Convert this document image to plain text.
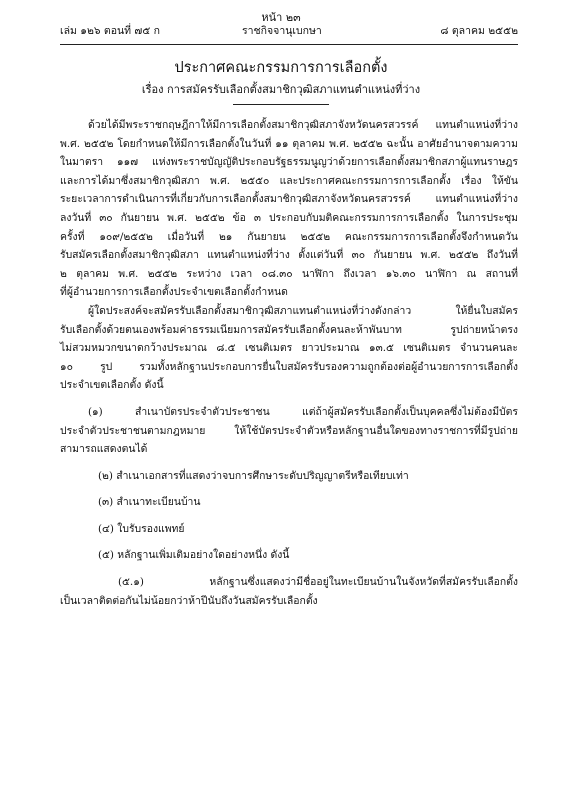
หน้า ๒๓
เล่ม ๑๒๖ ตอนที่ ๗๕ ก	ราชกิจจานุเบกษา	๘ ตุลาคม ๒๕๕๒
ประกาศคณะกรรมการการเลือกตั้ง
เรื่อง การสมัครรับเลือกตั้งสมาชิกวุฒิสภาแทนตำแหน่งที่ว่าง

ด้วยได้มีพระราชกฤษฎีกาให้มีการเลือกตั้งสมาชิกวุฒิสภาจังหวัดนครสวรรค์ แทนตำแหน่งที่ว่าง

พ.ศ. ๒๕๕๒ โดยกำหนดให้มีการเลือกตั้งในวันที่ ๑๑ ตุลาคม พ.ศ. ๒๕๕๒ ฉะนั้น อาศัยอำนาจตามความ

ในมาตรา ๑๑๗ แห่งพระราชบัญญัติประกอบรัฐธรรมนูญว่าด้วยการเลือกตั้งสมาชิกสภาผู้แทนราษฎร

และการได้มาซึ่งสมาชิกวุฒิสภา พ.ศ. ๒๕๕๐ และประกาศคณะกรรมการการเลือกตั้ง เรื่อง ให้ขัน

ระยะเวลาการดำเนินการที่เกี่ยวกับการเลือกตั้งสมาชิกวุฒิสภาจังหวัดนครสวรรค์ แทนตำแหน่งที่ว่าง

ลงวันที่ ๓๐ กันยายน พ.ศ. ๒๕๕๒ ข้อ ๓ ประกอบกับมติคณะกรรมการการเลือกตั้ง ในการประชุม

ครั้งที่ ๑๐๙/๒๕๕๒ เมื่อวันที่ ๒๑ กันยายน ๒๕๕๒ คณะกรรมการการเลือกตั้งจึงกำหนดวัน

รับสมัครเลือกตั้งสมาชิกวุฒิสภา แทนตำแหน่งที่ว่าง ตั้งแต่วันที่ ๓๐ กันยายน พ.ศ. ๒๕๕๒ ถึงวันที่

๒ ตุลาคม พ.ศ. ๒๕๕๒ ระหว่าง เวลา ๐๘.๓๐ นาฬิกา ถึงเวลา ๑๖.๓๐ นาฬิกา ณ สถานที่

ที่ผู้อำนวยการการเลือกตั้งประจำเขตเลือกตั้งกำหนด

ผู้ใดประสงค์จะสมัครรับเลือกตั้งสมาชิกวุฒิสภาแทนตำแหน่งที่ว่างดังกล่าว ให้ยื่นใบสมัคร

รับเลือกตั้งด้วยตนเองพร้อมค่าธรรมเนียมการสมัครรับเลือกตั้งคนละห้าพันบาท รูปถ่ายหน้าตรง

ไม่สวมหมวกขนาดกว้างประมาณ ๘.๕ เซนติเมตร ยาวประมาณ ๑๓.๕ เซนติเมตร จำนวนคนละ

๑๐ รูป รวมทั้งหลักฐานประกอบการยื่นใบสมัครรับรองความถูกต้องต่อผู้อำนวยการการเลือกตั้ง

ประจำเขตเลือกตั้ง ดังนี้

(๑) สำเนาบัตรประจำตัวประชาชน แต่ถ้าผู้สมัครรับเลือกตั้งเป็นบุคคลซึ่งไม่ต้องมีบัตร

ประจำตัวประชาชนตามกฎหมาย ให้ใช้บัตรประจำตัวหรือหลักฐานอื่นใดของทางราชการที่มีรูปถ่าย

สามารถแสดงตนได้

(๒) สำเนาเอกสารที่แสดงว่าจบการศึกษาระดับปริญญาตรีหรือเทียบเท่า

(๓) สำเนาทะเบียนบ้าน

(๔) ใบรับรองแพทย์

(๕) หลักฐานเพิ่มเติมอย่างใดอย่างหนึ่ง ดังนี้

(๕.๑) หลักฐานซึ่งแสดงว่ามีชื่ออยู่ในทะเบียนบ้านในจังหวัดที่สมัครรับเลือกตั้ง

เป็นเวลาติดต่อกันไม่น้อยกว่าห้าปีนับถึงวันสมัครรับเลือกตั้ง
